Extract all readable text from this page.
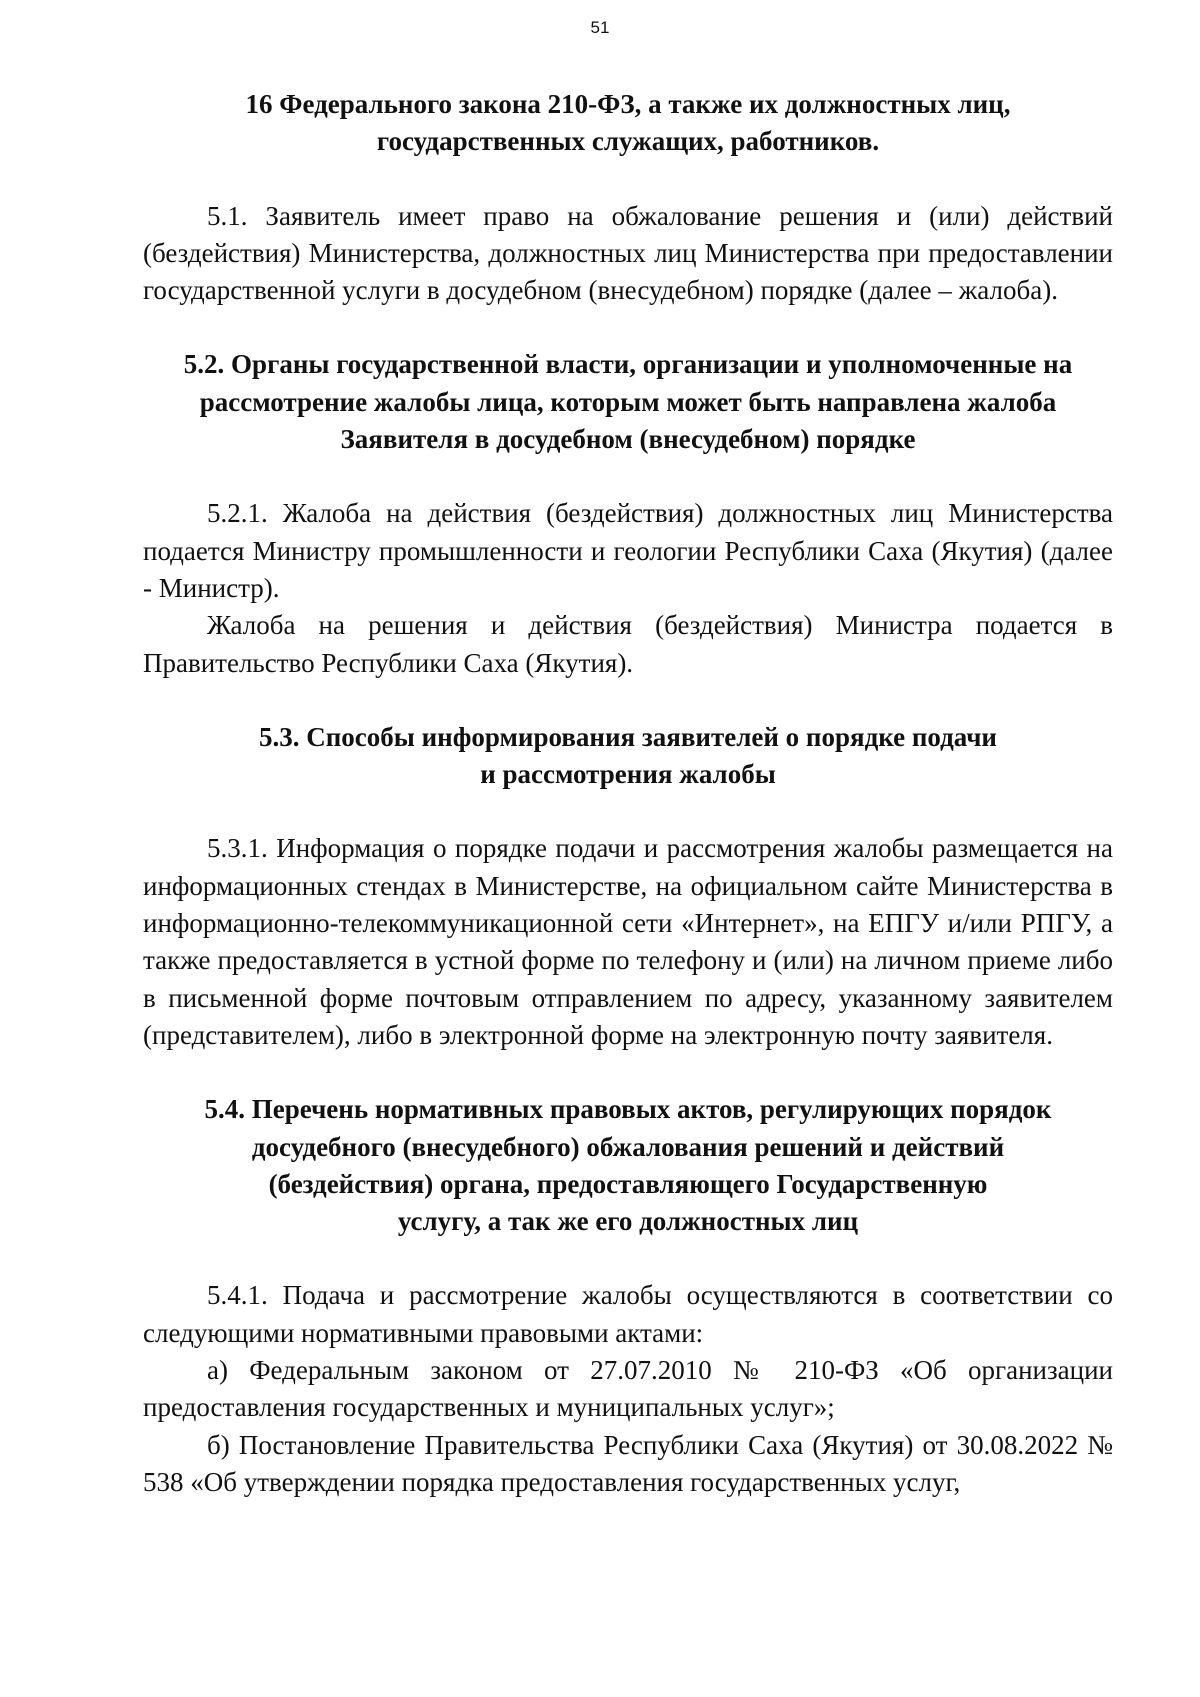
51
16 Федерального закона 210-ФЗ, а также их должностных лиц,
государственных служащих, работников.

5.1. Заявитель имеет право на обжалование решения и (или) действий (бездействия) Министерства, должностных лиц Министерства при предоставлении государственной услуги в досудебном (внесудебном) порядке (далее – жалоба).

5.2. Органы государственной власти, организации и уполномоченные на
рассмотрение жалобы лица, которым может быть направлена жалоба
Заявителя в досудебном (внесудебном) порядке

5.2.1. Жалоба на действия (бездействия) должностных лиц Министерства подается Министру промышленности и геологии Республики Саха (Якутия) (далее - Министр).

Жалоба на решения и действия (бездействия) Министра подается в Правительство Республики Саха (Якутия).

5.3. Способы информирования заявителей о порядке подачи
и рассмотрения жалобы

5.3.1. Информация о порядке подачи и рассмотрения жалобы размещается на информационных стендах в Министерстве, на официальном сайте Министерства в информационно-телекоммуникационной сети «Интернет», на ЕПГУ и/или РПГУ, а также предоставляется в устной форме по телефону и (или) на личном приеме либо в письменной форме почтовым отправлением по адресу, указанному заявителем (представителем), либо в электронной форме на электронную почту заявителя.

5.4. Перечень нормативных правовых актов, регулирующих порядок
досудебного (внесудебного) обжалования решений и действий
(бездействия) органа, предоставляющего Государственную
услугу, а так же его должностных лиц

5.4.1. Подача и рассмотрение жалобы осуществляются в соответствии со следующими нормативными правовыми актами:

а) Федеральным законом от 27.07.2010 № 210-ФЗ «Об организации предоставления государственных и муниципальных услуг»;

б) Постановление Правительства Республики Саха (Якутия) от 30.08.2022 № 538 «Об утверждении порядка предоставления государственных услуг,
